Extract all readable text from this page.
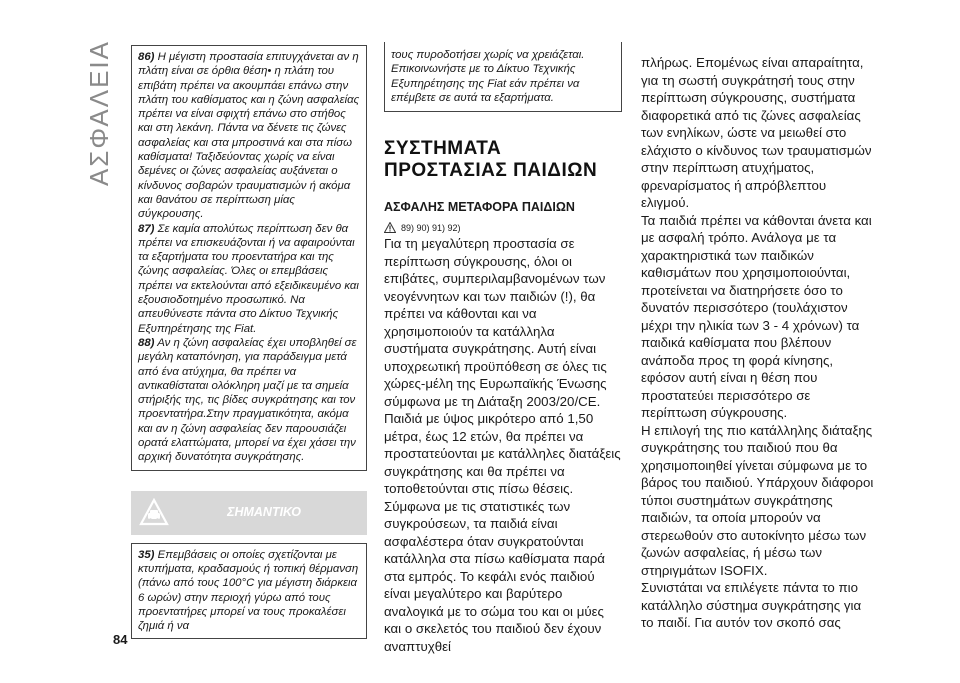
ΑΣΦΑΛΕΙΑ
84

86) Η μέγιστη προστασία επιτυγχάνεται αν η πλάτη είναι σε όρθια θέση• η πλάτη του επιβάτη πρέπει να ακουμπάει επάνω στην πλάτη του καθίσματος και η ζώνη ασφαλείας πρέπει να είναι σφιχτή επάνω στο στήθος και στη λεκάνη. Πάντα να δένετε τις ζώνες ασφαλείας και στα μπροστινά και στα πίσω καθίσματα! Ταξιδεύοντας χωρίς να είναι δεμένες οι ζώνες ασφαλείας αυξάνεται ο κίνδυνος σοβαρών τραυματισμών ή ακόμα και θανάτου σε περίπτωση μίας σύγκρουσης.

87) Σε καμία απολύτως περίπτωση δεν θα πρέπει να επισκευάζονται ή να αφαιρούνται τα εξαρτήματα του προεντατήρα και της ζώνης ασφαλείας. Όλες οι επεμβάσεις πρέπει να εκτελούνται από εξειδικευμένο και εξουσιοδοτημένο προσωπικό. Να απευθύνεστε πάντα στο Δίκτυο Τεχνικής Εξυπηρέτησης της Fiat.

88) Αν η ζώνη ασφαλείας έχει υποβληθεί σε μεγάλη καταπόνηση, για παράδειγμα μετά από ένα ατύχημα, θα πρέπει να αντικαθίσταται ολόκληρη μαζί με τα σημεία στήριξής της, τις βίδες συγκράτησης και τον προεντατήρα.Στην πραγματικότητα, ακόμα και αν η ζώνη ασφαλείας δεν παρουσιάζει ορατά ελαττώματα, μπορεί να έχει χάσει την αρχική δυνατότητα συγκράτησης.

ΣΗΜΑΝΤΙΚΟ

35) Επεμβάσεις οι οποίες σχετίζονται με κτυπήματα, κραδασμούς ή τοπική θέρμανση (πάνω από τους 100°C για μέγιστη διάρκεια 6 ωρών) στην περιοχή γύρω από τους προεντατήρες μπορεί να τους προκαλέσει ζημιά ή να

τους πυροδοτήσει χωρίς να χρειάζεται. Επικοινωνήστε με το Δίκτυο Τεχνικής Εξυπηρέτησης της Fiat εάν πρέπει να επέμβετε σε αυτά τα εξαρτήματα.

ΣΥΣΤΗΜΑΤΑ ΠΡΟΣΤΑΣΙΑΣ ΠΑΙΔΙΩΝ
ΑΣΦΑΛΗΣ ΜΕΤΑΦΟΡΑ ΠΑΙΔΙΩΝ
89) 90) 91) 92)

Για τη μεγαλύτερη προστασία σε περίπτωση σύγκρουσης, όλοι οι επιβάτες, συμπεριλαμβανομένων των νεογέννητων και των παιδιών (!), θα πρέπει να κάθονται και να χρησιμοποιούν τα κατάλληλα συστήματα συγκράτησης. Αυτή είναι υποχρεωτική προϋπόθεση σε όλες τις χώρες-μέλη της Ευρωπαϊκής Ένωσης σύμφωνα με τη Διάταξη 2003/20/CE.

Παιδιά με ύψος μικρότερο από 1,50 μέτρα, έως 12 ετών, θα πρέπει να προστατεύονται με κατάλληλες διατάξεις συγκράτησης και θα πρέπει να τοποθετούνται στις πίσω θέσεις.

Σύμφωνα με τις στατιστικές των συγκρούσεων, τα παιδιά είναι ασφαλέστερα όταν συγκρατούνται κατάλληλα στα πίσω καθίσματα παρά στα εμπρός. Το κεφάλι ενός παιδιού είναι μεγαλύτερο και βαρύτερο αναλογικά με το σώμα του και οι μύες και ο σκελετός του παιδιού δεν έχουν αναπτυχθεί

πλήρως. Επομένως είναι απαραίτητα, για τη σωστή συγκράτησή τους στην περίπτωση σύγκρουσης, συστήματα διαφορετικά από τις ζώνες ασφαλείας των ενηλίκων, ώστε να μειωθεί στο ελάχιστο ο κίνδυνος των τραυματισμών στην περίπτωση ατυχήματος, φρεναρίσματος ή απρόβλεπτου ελιγμού.

Τα παιδιά πρέπει να κάθονται άνετα και με ασφαλή τρόπο. Ανάλογα με τα χαρακτηριστικά των παιδικών καθισμάτων που χρησιμοποιούνται, προτείνεται να διατηρήσετε όσο το δυνατόν περισσότερο (τουλάχιστον μέχρι την ηλικία των 3 - 4 χρόνων) τα παιδικά καθίσματα που βλέπουν ανάποδα προς τη φορά κίνησης, εφόσον αυτή είναι η θέση που προστατεύει περισσότερο σε περίπτωση σύγκρουσης.

Η επιλογή της πιο κατάλληλης διάταξης συγκράτησης του παιδιού που θα χρησιμοποιηθεί γίνεται σύμφωνα με το βάρος του παιδιού. Υπάρχουν διάφοροι τύποι συστημάτων συγκράτησης παιδιών, τα οποία μπορούν να στερεωθούν στο αυτοκίνητο μέσω των ζωνών ασφαλείας, ή μέσω των στηριγμάτων ISOFIX.

Συνιστάται να επιλέγετε πάντα το πιο κατάλληλο σύστημα συγκράτησης για το παιδί. Για αυτόν τον σκοπό σας
